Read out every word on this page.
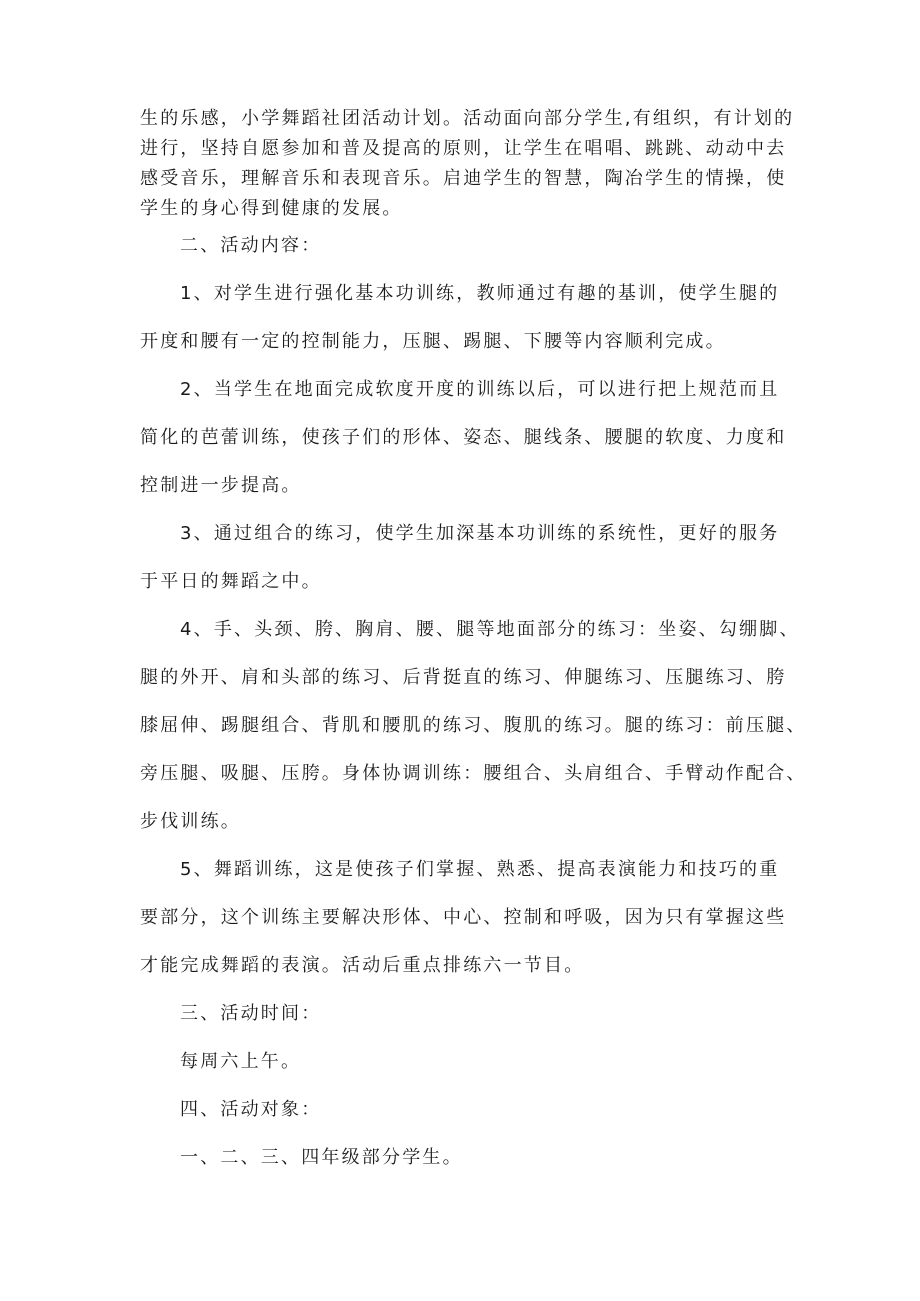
生的乐感，小学舞蹈社团活动计划。活动面向部分学生,有组织，有计划的
进行，坚持自愿参加和普及提高的原则，让学生在唱唱、跳跳、动动中去
感受音乐，理解音乐和表现音乐。启迪学生的智慧，陶冶学生的情操，使
学生的身心得到健康的发展。
二、活动内容：
1、对学生进行强化基本功训练，教师通过有趣的基训，使学生腿的
开度和腰有一定的控制能力，压腿、踢腿、下腰等内容顺利完成。
2、当学生在地面完成软度开度的训练以后，可以进行把上规范而且
简化的芭蕾训练，使孩子们的形体、姿态、腿线条、腰腿的软度、力度和
控制进一步提高。
3、通过组合的练习，使学生加深基本功训练的系统性，更好的服务
于平日的舞蹈之中。
4、手、头颈、胯、胸肩、腰、腿等地面部分的练习：坐姿、勾绷脚、
腿的外开、肩和头部的练习、后背挺直的练习、伸腿练习、压腿练习、胯
膝屈伸、踢腿组合、背肌和腰肌的练习、腹肌的练习。腿的练习：前压腿、
旁压腿、吸腿、压胯。身体协调训练：腰组合、头肩组合、手臂动作配合、
步伐训练。
5、舞蹈训练，这是使孩子们掌握、熟悉、提高表演能力和技巧的重
要部分，这个训练主要解决形体、中心、控制和呼吸，因为只有掌握这些
才能完成舞蹈的表演。活动后重点排练六一节目。
三、活动时间：
每周六上午。
四、活动对象：
一、二、三、四年级部分学生。
